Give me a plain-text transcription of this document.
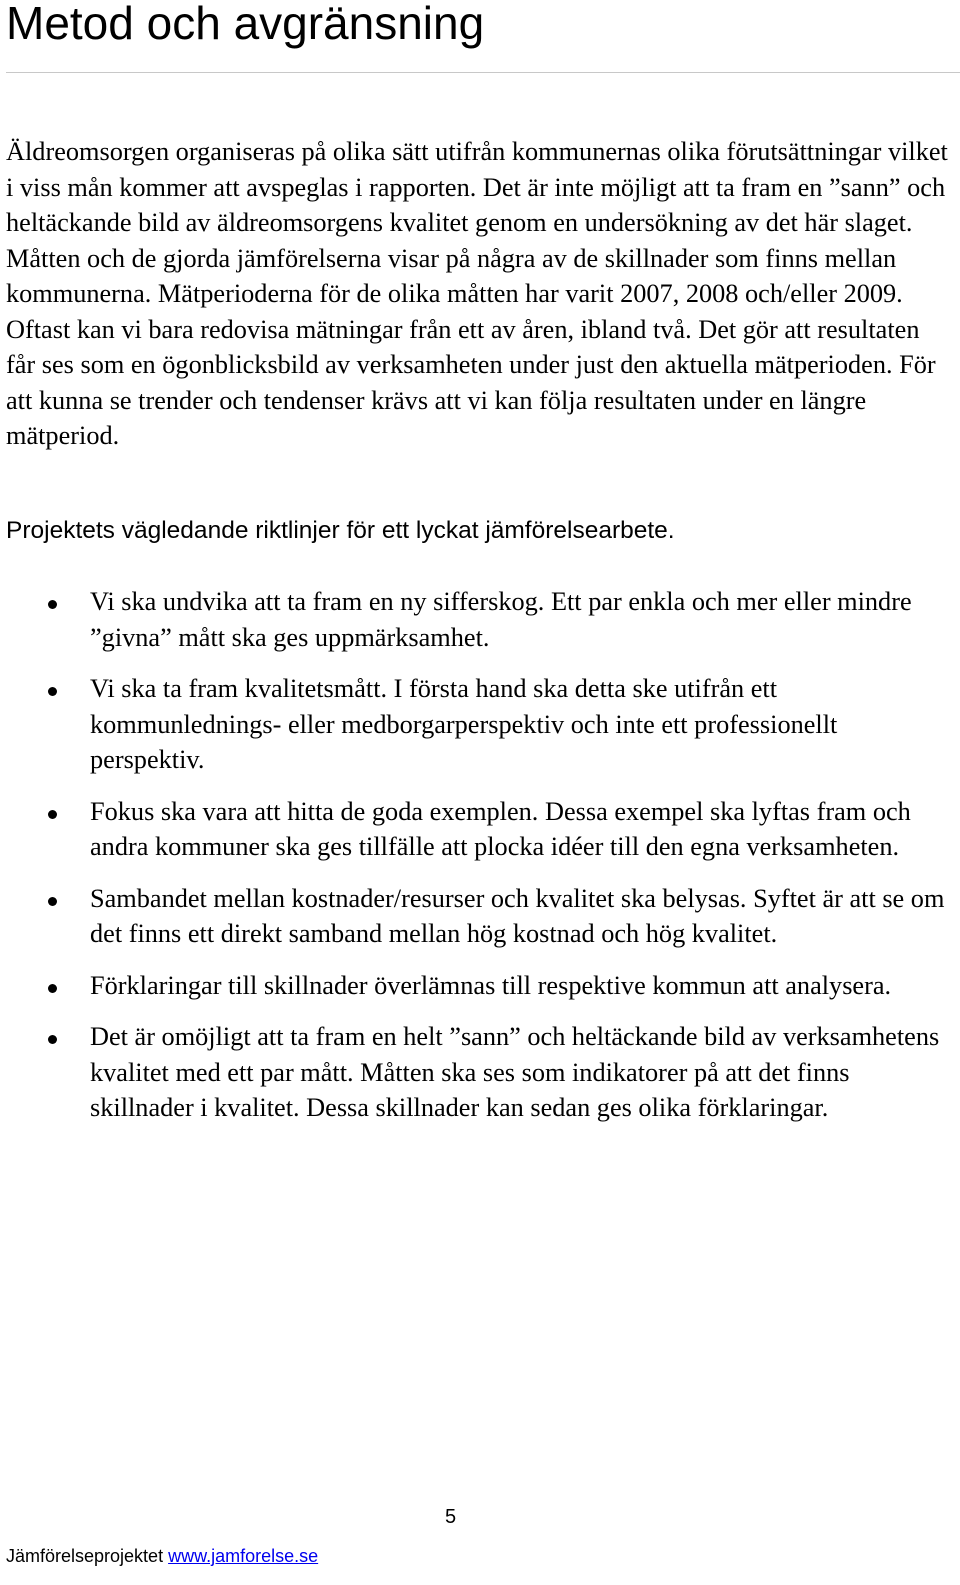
Metod och avgränsning

Äldreomsorgen organiseras på olika sätt utifrån kommunernas olika förutsättningar vilket i viss mån kommer att avspeglas i rapporten. Det är inte möjligt att ta fram en ”sann” och heltäckande bild av äldreomsorgens kvalitet genom en undersökning av det här slaget. Måtten och de gjorda jämförelserna visar på några av de skillnader som finns mellan kommunerna. Mätperioderna för de olika måtten har varit 2007, 2008 och/eller 2009. Oftast kan vi bara redovisa mätningar från ett av åren, ibland två. Det gör att resultaten får ses som en ögonblicksbild av verksamheten under just den aktuella mätperioden. För att kunna se trender och tendenser krävs att vi kan följa resultaten under en längre mätperiod.

Projektets vägledande riktlinjer för ett lyckat jämförelsearbete.

Vi ska undvika att ta fram en ny sifferskog. Ett par enkla och mer eller mindre ”givna” mått ska ges uppmärksamhet.
Vi ska ta fram kvalitetsmått. I första hand ska detta ske utifrån ett kommunlednings- eller medborgarperspektiv och inte ett professionellt perspektiv.
Fokus ska vara att hitta de goda exemplen. Dessa exempel ska lyftas fram och andra kommuner ska ges tillfälle att plocka idéer till den egna verksamheten.
Sambandet mellan kostnader/resurser och kvalitet ska belysas. Syftet är att se om det finns ett direkt samband mellan hög kostnad och hög kvalitet.
Förklaringar till skillnader överlämnas till respektive kommun att analysera.
Det är omöjligt att ta fram en helt ”sann” och heltäckande bild av verksamhetens kvalitet med ett par mått. Måtten ska ses som indikatorer på att det finns skillnader i kvalitet. Dessa skillnader kan sedan ges olika förklaringar.
5
Jämförelseprojektet www.jamforelse.se
